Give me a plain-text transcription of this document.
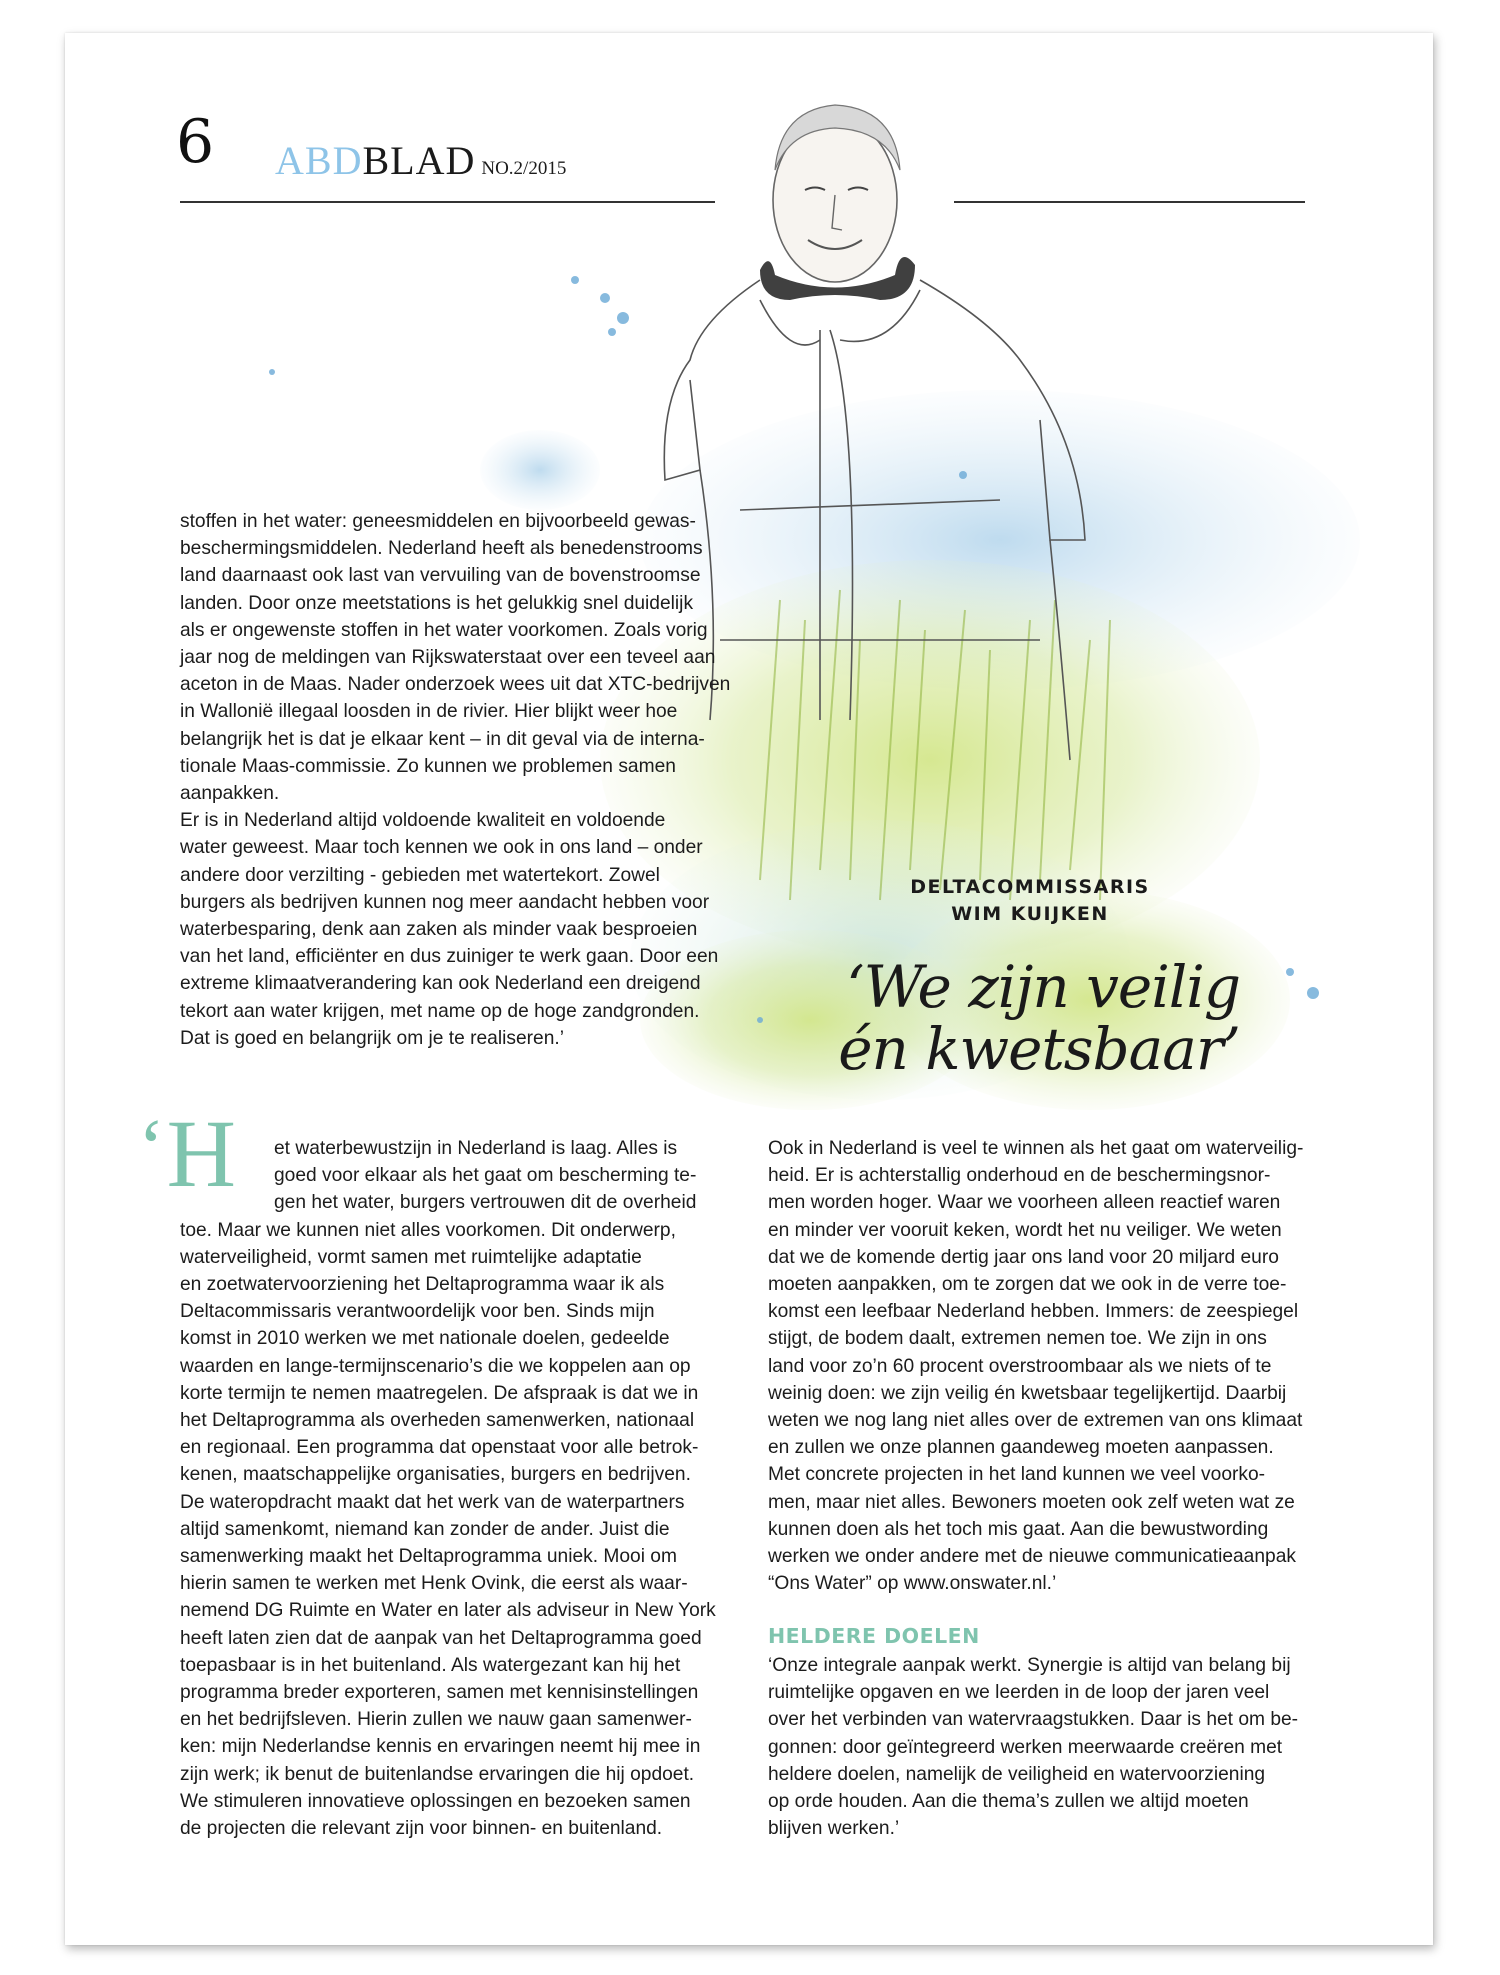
6 ABDBLAD NO.2/2015
stoffen in het water: geneesmiddelen en bijvoorbeeld gewas-
beschermingsmiddelen. Nederland heeft als benedenstrooms
land daarnaast ook last van vervuiling van de bovenstroomse
landen. Door onze meetstations is het gelukkig snel duidelijk
als er ongewenste stoffen in het water voorkomen. Zoals vorig
jaar nog de meldingen van Rijkswaterstaat over een teveel aan
aceton in de Maas. Nader onderzoek wees uit dat XTC-bedrijven
in Wallonië illegaal loosden in de rivier. Hier blijkt weer hoe
belangrijk het is dat je elkaar kent – in dit geval via de interna-
tionale Maas-commissie. Zo kunnen we problemen samen
aanpakken.
Er is in Nederland altijd voldoende kwaliteit en voldoende
water geweest. Maar toch kennen we ook in ons land – onder
andere door verzilting - gebieden met watertekort. Zowel
burgers als bedrijven kunnen nog meer aandacht hebben voor
waterbesparing, denk aan zaken als minder vaak besproeien
van het land, efficiënter en dus zuiniger te werk gaan. Door een
extreme klimaatverandering kan ook Nederland een dreigend
tekort aan water krijgen, met name op de hoge zandgronden.
Dat is goed en belangrijk om je te realiseren.’
DELTACOMMISSARIS
WIM KUIJKEN
‘We zijn veilig
én kwetsbaar’
‘H et waterbewustzijn in Nederland is laag. Alles is
goed voor elkaar als het gaat om bescherming te-
gen het water, burgers vertrouwen dit de overheid
toe. Maar we kunnen niet alles voorkomen. Dit onderwerp,
waterveiligheid, vormt samen met ruimtelijke adaptatie
en zoetwatervoorziening het Deltaprogramma waar ik als
Deltacommissaris verantwoordelijk voor ben. Sinds mijn
komst in 2010 werken we met nationale doelen, gedeelde
waarden en lange-termijnscenario’s die we koppelen aan op
korte termijn te nemen maatregelen. De afspraak is dat we in
het Deltaprogramma als overheden samenwerken, nationaal
en regionaal. Een programma dat openstaat voor alle betrok-
kenen, maatschappelijke organisaties, burgers en bedrijven.
De wateropdracht maakt dat het werk van de waterpartners
altijd samenkomt, niemand kan zonder de ander. Juist die
samenwerking maakt het Deltaprogramma uniek. Mooi om
hierin samen te werken met Henk Ovink, die eerst als waar-
nemend DG Ruimte en Water en later als adviseur in New York
heeft laten zien dat de aanpak van het Deltaprogramma goed
toepasbaar is in het buitenland. Als watergezant kan hij het
programma breder exporteren, samen met kennisinstellingen
en het bedrijfsleven. Hierin zullen we nauw gaan samenwer-
ken: mijn Nederlandse kennis en ervaringen neemt hij mee in
zijn werk; ik benut de buitenlandse ervaringen die hij opdoet.
We stimuleren innovatieve oplossingen en bezoeken samen
de projecten die relevant zijn voor binnen- en buitenland.
Ook in Nederland is veel te winnen als het gaat om waterveilig-
heid. Er is achterstallig onderhoud en de beschermingsnor-
men worden hoger. Waar we voorheen alleen reactief waren
en minder ver vooruit keken, wordt het nu veiliger. We weten
dat we de komende dertig jaar ons land voor 20 miljard euro
moeten aanpakken, om te zorgen dat we ook in de verre toe-
komst een leefbaar Nederland hebben. Immers: de zeespiegel
stijgt, de bodem daalt, extremen nemen toe. We zijn in ons
land voor zo’n 60 procent overstroombaar als we niets of te
weinig doen: we zijn veilig én kwetsbaar tegelijkertijd. Daarbij
weten we nog lang niet alles over de extremen van ons klimaat
en zullen we onze plannen gaandeweg moeten aanpassen.
Met concrete projecten in het land kunnen we veel voorko-
men, maar niet alles. Bewoners moeten ook zelf weten wat ze
kunnen doen als het toch mis gaat. Aan die bewustwording
werken we onder andere met de nieuwe communicatieaanpak
“Ons Water” op www.onswater.nl.’
HELDERE DOELEN
‘Onze integrale aanpak werkt. Synergie is altijd van belang bij
ruimtelijke opgaven en we leerden in de loop der jaren veel
over het verbinden van watervraagstukken. Daar is het om be-
gonnen: door geïntegreerd werken meerwaarde creëren met
heldere doelen, namelijk de veiligheid en watervoorziening
op orde houden. Aan die thema’s zullen we altijd moeten
blijven werken.’
